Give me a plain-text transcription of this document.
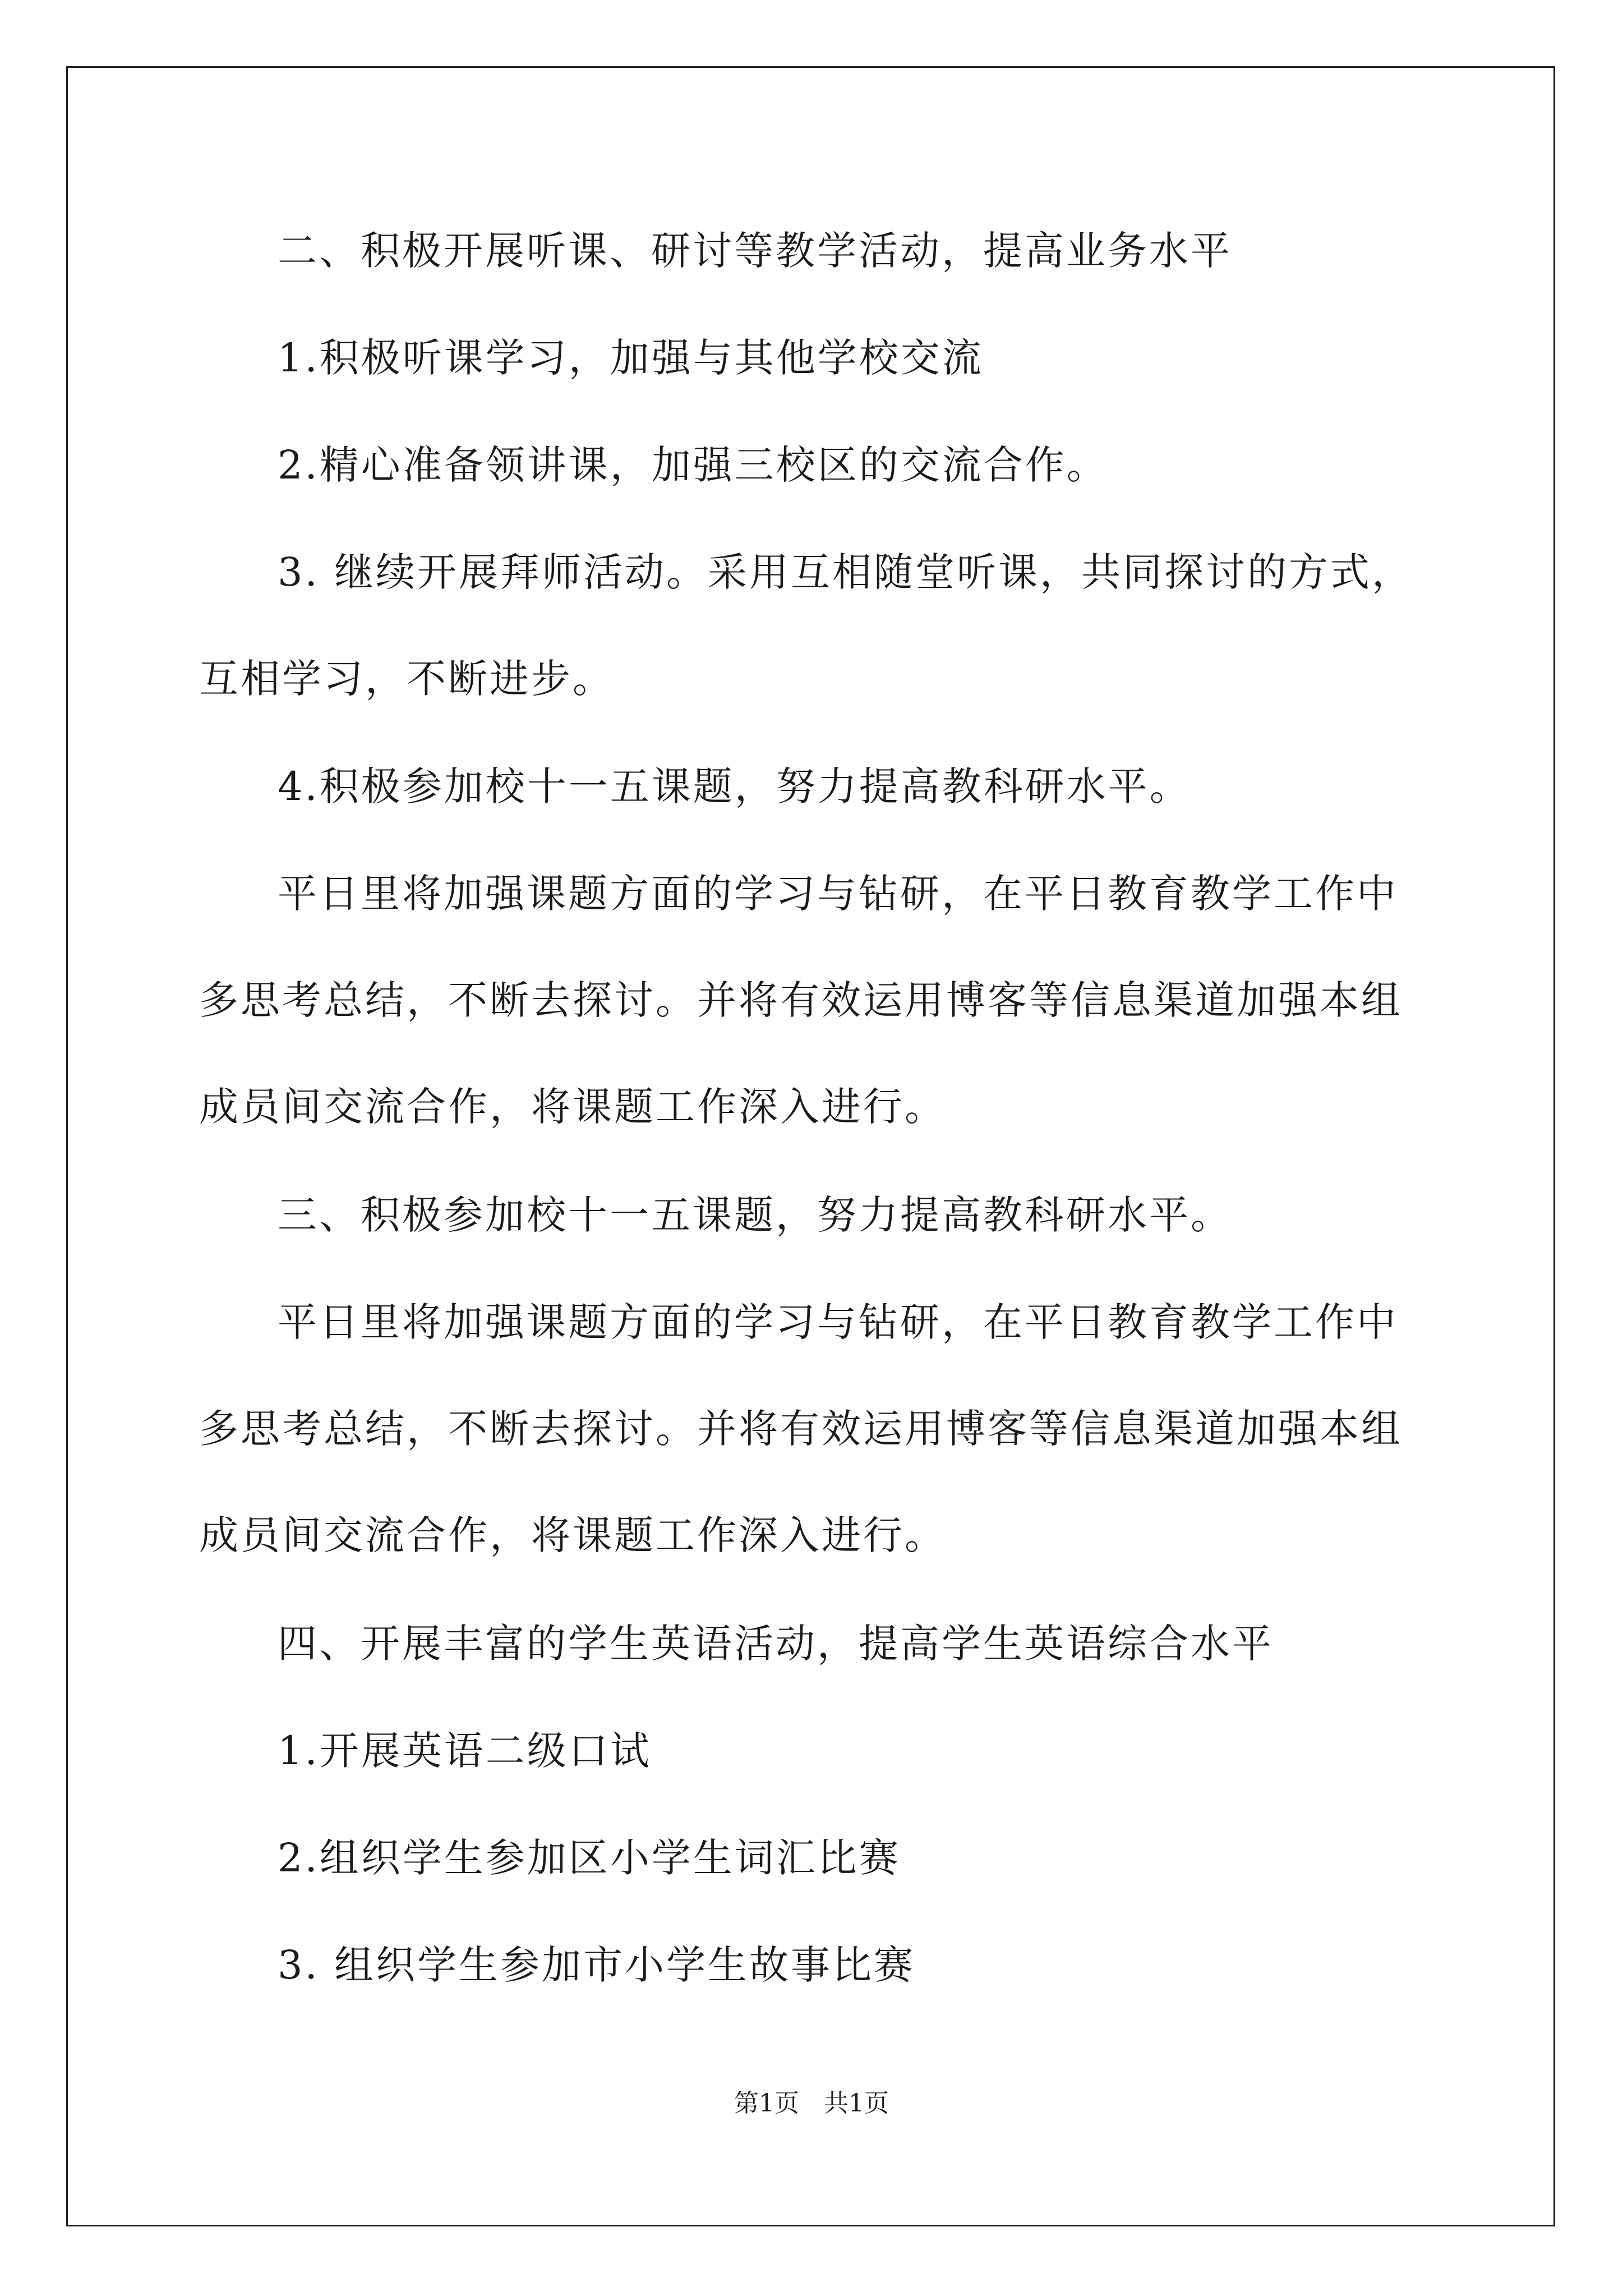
二、积极开展听课、研讨等教学活动，提高业务水平

1.积极听课学习，加强与其他学校交流

2.精心准备领讲课，加强三校区的交流合作。

3. 继续开展拜师活动。采用互相随堂听课，共同探讨的方式，互相学习，不断进步。

4.积极参加校十一五课题，努力提高教科研水平。

平日里将加强课题方面的学习与钻研，在平日教育教学工作中多思考总结，不断去探讨。并将有效运用博客等信息渠道加强本组成员间交流合作，将课题工作深入进行。

三、积极参加校十一五课题，努力提高教科研水平。

平日里将加强课题方面的学习与钻研，在平日教育教学工作中多思考总结，不断去探讨。并将有效运用博客等信息渠道加强本组成员间交流合作，将课题工作深入进行。

四、开展丰富的学生英语活动，提高学生英语综合水平

1.开展英语二级口试

2.组织学生参加区小学生词汇比赛

3. 组织学生参加市小学生故事比赛

第1页　共1页
